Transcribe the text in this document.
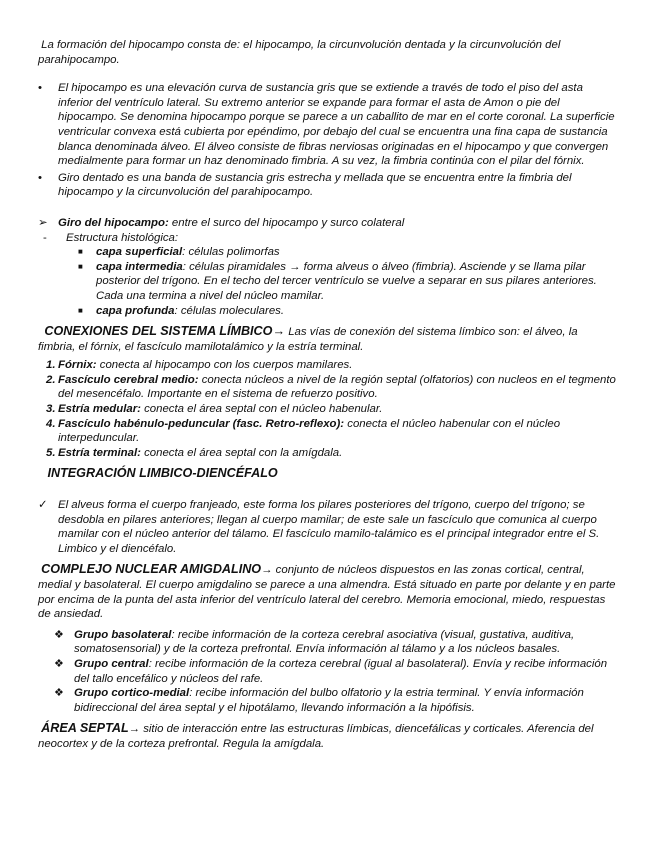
La formación del hipocampo consta de: el hipocampo, la circunvolución dentada y la circunvolución del parahipocampo.

• El hipocampo es una elevación curva de sustancia gris que se extiende a través de todo el piso del asta inferior del ventrículo lateral. Su extremo anterior se expande para formar el asta de Amon o pie del hipocampo. Se denomina hipocampo porque se parece a un caballito de mar en el corte coronal. La superficie ventricular convexa está cubierta por epéndimo, por debajo del cual se encuentra una fina capa de sustancia blanca denominada álveo. El álveo consiste de fibras nerviosas originadas en el hipocampo y que convergen medialmente para formar un haz denominado fimbria. A su vez, la fimbria continúa con el pilar del fórnix.
• Giro dentado es una banda de sustancia gris estrecha y mellada que se encuentra entre la fimbria del hipocampo y la circunvolución del parahipocampo.
➢ Giro del hipocampo: entre el surco del hipocampo y surco colateral
- Estructura histológica:
■ capa superficial: células polimorfas
■ capa intermedia: células piramidales → forma alveus o álveo (fimbria). Asciende y se llama pilar posterior del trígono. En el techo del tercer ventrículo se vuelve a separar en sus pilares anteriores. Cada una termina a nivel del núcleo mamilar.
■ capa profunda: células moleculares.

CONEXIONES DEL SISTEMA LÍMBICO→ Las vías de conexión del sistema límbico son: el álveo, la fimbria, el fórnix, el fascículo mamilotalámico y la estría terminal.

1. Fórnix: conecta al hipocampo con los cuerpos mamilares.
2. Fascículo cerebral medio: conecta núcleos a nivel de la región septal (olfatorios) con nucleos en el tegmento del mesencéfalo. Importante en el sistema de refuerzo positivo.
3. Estría medular: conecta el área septal con el núcleo habenular.
4. Fascículo habénulo-peduncular (fasc. Retro-reflexo): conecta el núcleo habenular con el núcleo interpeduncular.
5. Estría terminal: conecta el área septal con la amígdala.

INTEGRACIÓN LIMBICO-DIENCÉFALO

✓ El alveus forma el cuerpo franjeado, este forma los pilares posteriores del trígono, cuerpo del trígono; se desdobla en pilares anteriores; llegan al cuerpo mamilar; de este sale un fascículo que comunica al cuerpo mamilar con el núcleo anterior del tálamo. El fascículo mamilo-talámico es el principal integrador entre el S. Limbico y el diencéfalo.

COMPLEJO NUCLEAR AMIGDALINO→ conjunto de núcleos dispuestos en las zonas cortical, central, medial y basolateral. El cuerpo amigdalino se parece a una almendra. Está situado en parte por delante y en parte por encima de la punta del asta inferior del ventrículo lateral del cerebro. Memoria emocional, miedo, respuestas de ansiedad.

❖ Grupo basolateral: recibe información de la corteza cerebral asociativa (visual, gustativa, auditiva, somatosensorial) y de la corteza prefrontal. Envía información al tálamo y a los núcleos basales.
❖ Grupo central: recibe información de la corteza cerebral (igual al basolateral). Envía y recibe información del tallo encefálico y núcleos del rafe.
❖ Grupo cortico-medial: recibe información del bulbo olfatorio y la estria terminal. Y envía información bidireccional del área septal y el hipotálamo, llevando información a la hipófisis.

ÁREA SEPTAL→ sitio de interacción entre las estructuras límbicas, diencefálicas y corticales. Aferencia del neocortex y de la corteza prefrontal. Regula la amígdala.
